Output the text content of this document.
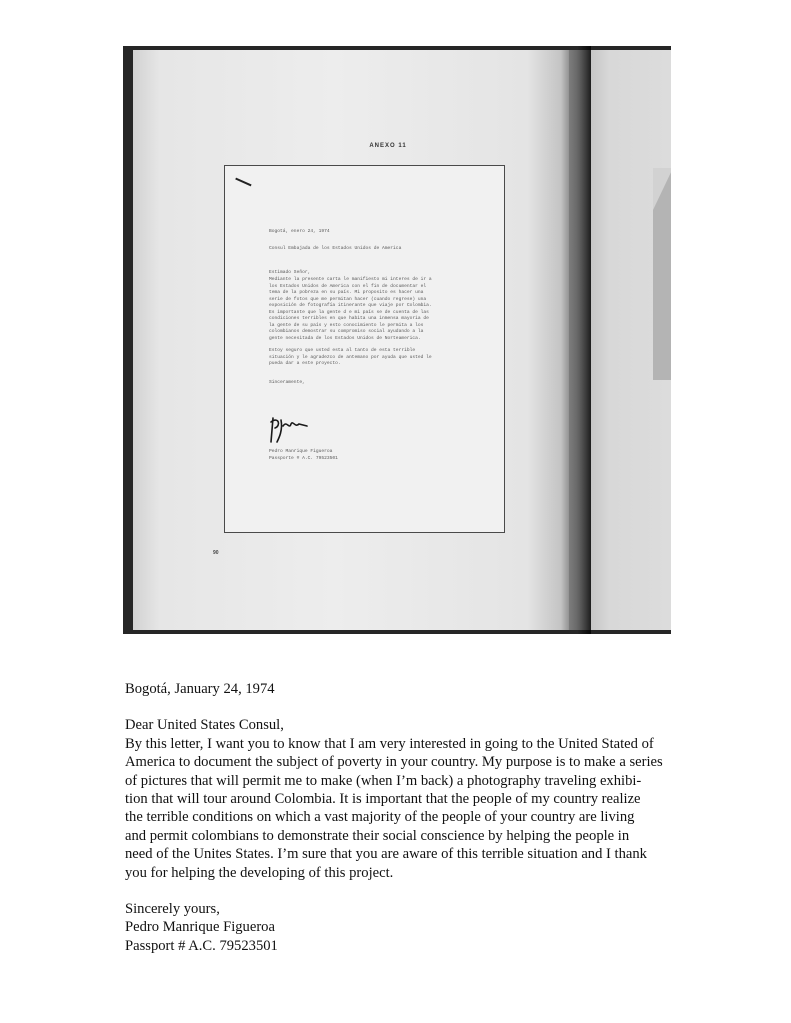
ANEXO 11
Bogotá, enero 24, 1974
Consul Embajada de los Estados Unidos de America
Estimado Señor,
Mediante la presente carta le manifiesto mi interes de ir a
los Estados Unidos de America con el fin de documentar el
tema de la pobreza en su país. Mi proposito es hacer una
serie de fotos que me permitan hacer (cuando regrese) una
exposición de fotografía itinerante que viaje por Colombia.
Es importante que la gente d e mi país se de cuenta de las
condiciones terribles en que habita una inmensa mayoria de
la gente de su país y esto conocimiento le permita a los
colombianos demostrar su compromiso social ayudando a la
gente necesitada de los Estados Unidos de Norteamerica.
Estoy seguro que usted esta al tanto de esta terrible
situación y le agradezco de antemano por ayuda que usted le
pueda dar a este proyecto.
Sinceramente,
Pedro Manrique Figueroa
Passporte # A.C. 79523501
90

Bogotá, January 24, 1974

Dear United States Consul,

By this letter, I want you to know that I am very interested in going to the United Stated of
America to document the subject of poverty in your country. My purpose is to make a series
of pictures that will permit me to make (when I’m back) a photography traveling exhibi-
tion that will tour around Colombia. It is important that the people of my country realize
the terrible conditions on which a vast majority of the people of your country are living
and permit colombians to demonstrate their social conscience by helping the people in
need of the Unites States. I’m sure that you are aware of this terrible situation and I thank
you for helping the developing of this project.

Sincerely yours,

Pedro Manrique Figueroa

Passport # A.C. 79523501
